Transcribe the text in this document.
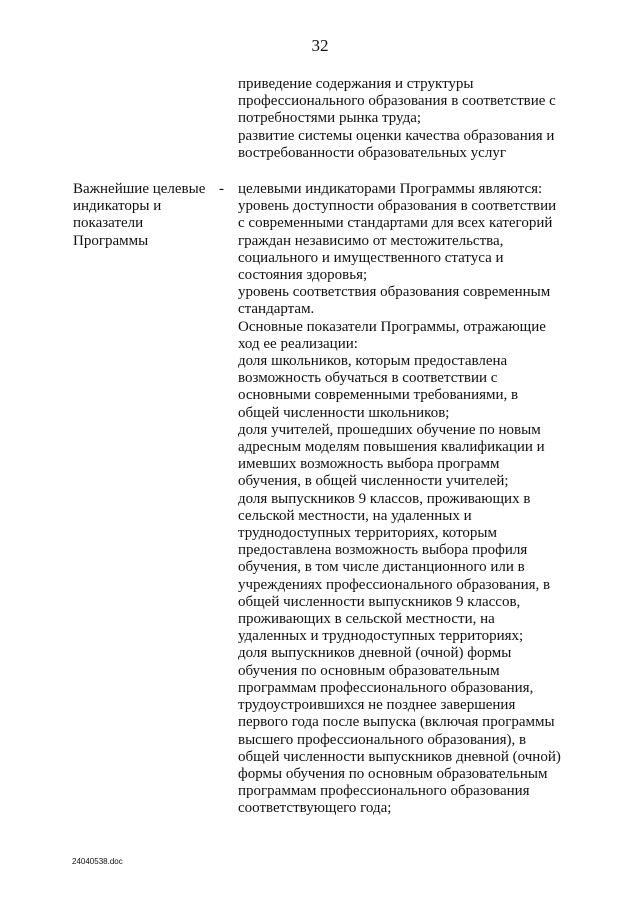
32
приведение содержания и структуры
профессионального образования в соответствие с
потребностями рынка труда;
развитие системы оценки качества образования и
востребованности образовательных услуг
Важнейшие целевые
индикаторы и
показатели
Программы
- целевыми индикаторами Программы являются:
уровень доступности образования в соответствии
с современными стандартами для всех категорий
граждан независимо от местожительства,
социального и имущественного статуса и
состояния здоровья;
уровень соответствия образования современным
стандартам.
Основные показатели Программы, отражающие
ход ее реализации:
доля школьников, которым предоставлена
возможность обучаться в соответствии с
основными современными требованиями, в
общей численности школьников;
доля учителей, прошедших обучение по новым
адресным моделям повышения квалификации и
имевших возможность выбора программ
обучения, в общей численности учителей;
доля выпускников 9 классов, проживающих в
сельской местности, на удаленных и
труднодоступных территориях, которым
предоставлена возможность выбора профиля
обучения, в том числе дистанционного или в
учреждениях профессионального образования, в
общей численности выпускников 9 классов,
проживающих в сельской местности, на
удаленных и труднодоступных территориях;
доля выпускников дневной (очной) формы
обучения по основным образовательным
программам профессионального образования,
трудоустроившихся не позднее завершения
первого года после выпуска (включая программы
высшего профессионального образования), в
общей численности выпускников дневной (очной)
формы обучения по основным образовательным
программам профессионального образования
соответствующего года;
24040538.doc
